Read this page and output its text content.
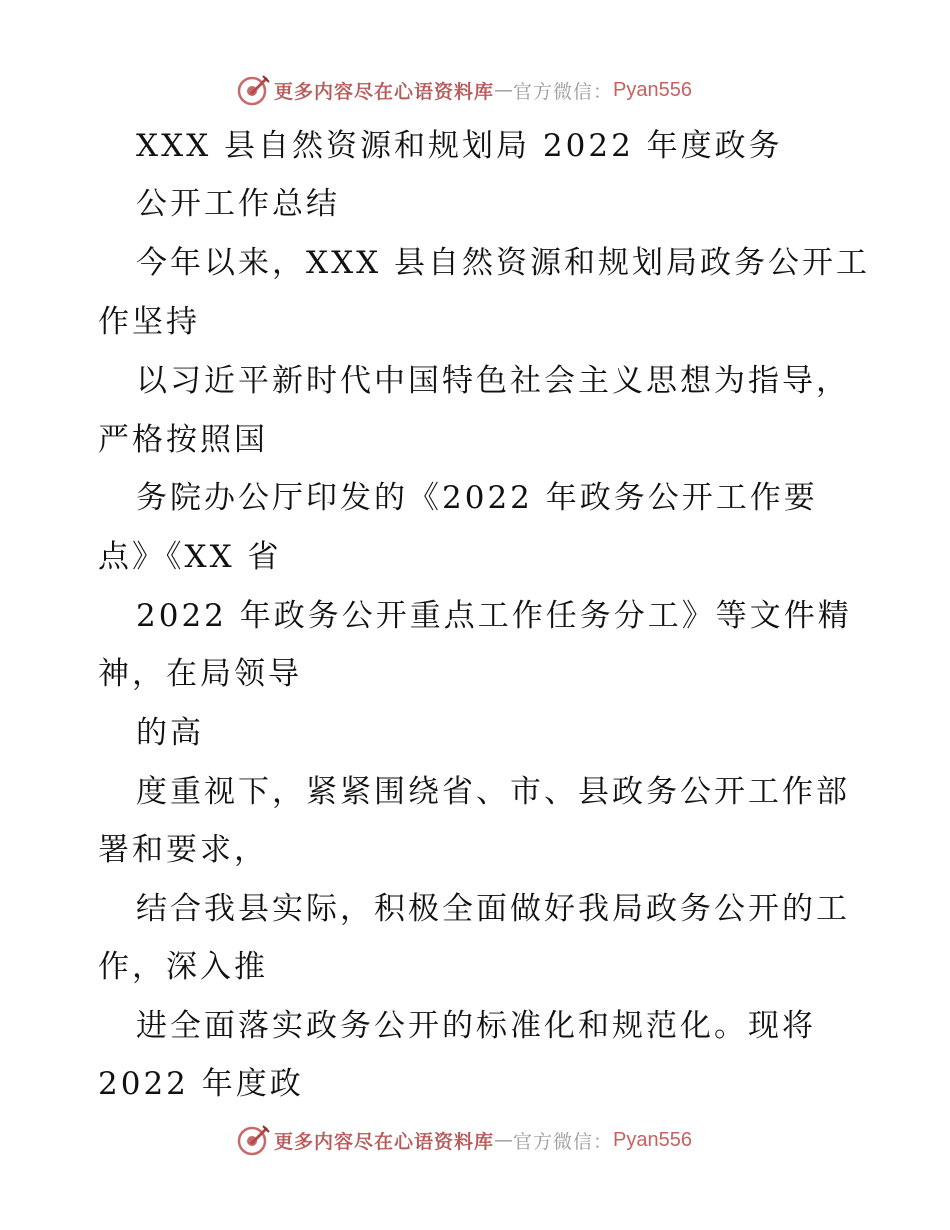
更多内容尽在心语资料库 — 官方微信： Pyan556
XXX 县自然资源和规划局 2022 年度政务
公开工作总结
今年以来，XXX 县自然资源和规划局政务公开工
作坚持
以习近平新时代中国特色社会主义思想为指导，
严格按照国
务院办公厅印发的《2022 年政务公开工作要
点》《XX 省
2022 年政务公开重点工作任务分工》等文件精
神，在局领导
的高
度重视下，紧紧围绕省、市、县政务公开工作部
署和要求，
结合我县实际，积极全面做好我局政务公开的工
作，深入推
进全面落实政务公开的标准化和规范化。现将
2022 年度政
更多内容尽在心语资料库 — 官方微信： Pyan556
